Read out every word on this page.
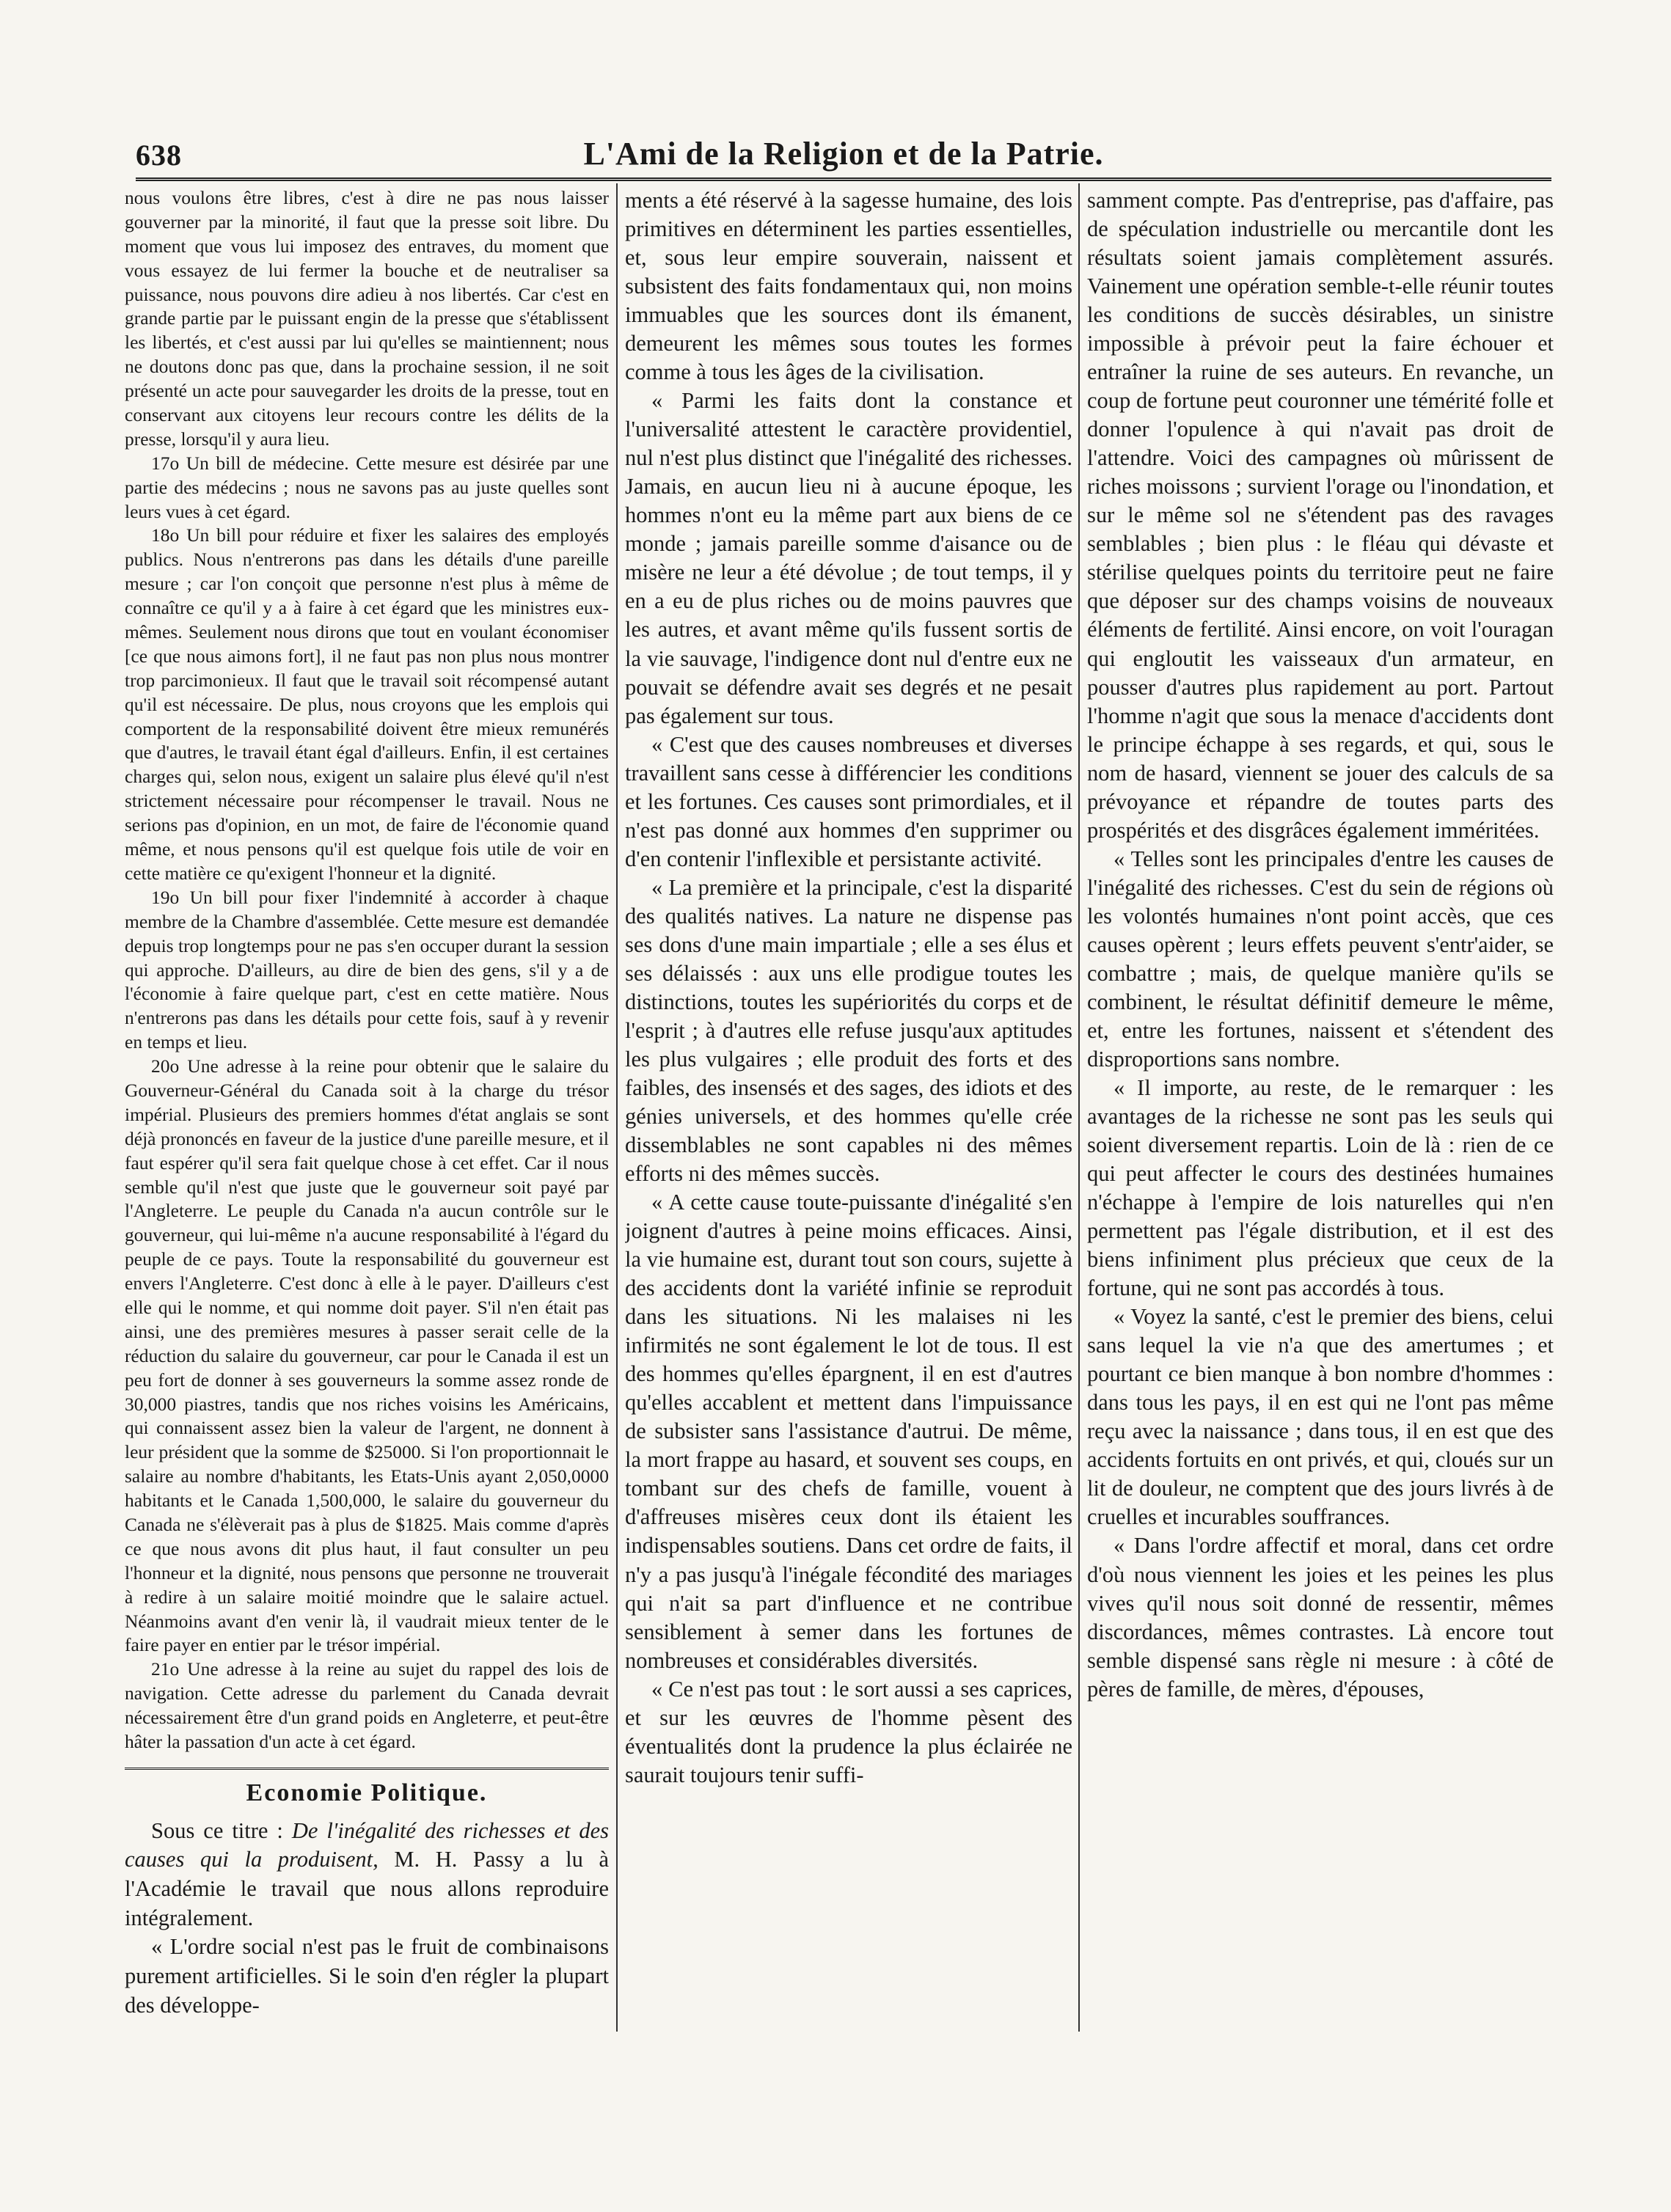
638	L'Ami de la Religion et de la Patrie.

nous voulons être libres, c'est à dire ne pas nous laisser gouverner par la minorité, il faut que la presse soit libre. Du moment que vous lui imposez des entraves, du moment que vous essayez de lui fermer la bouche et de neutraliser sa puissance, nous pouvons dire adieu à nos libertés. Car c'est en grande partie par le puissant engin de la presse que s'établissent les libertés, et c'est aussi par lui qu'elles se maintiennent; nous ne doutons donc pas que, dans la prochaine session, il ne soit présenté un acte pour sauvegarder les droits de la presse, tout en conservant aux citoyens leur recours contre les délits de la presse, lorsqu'il y aura lieu.

17o Un bill de médecine. Cette mesure est désirée par une partie des médecins ; nous ne savons pas au juste quelles sont leurs vues à cet égard.

18o Un bill pour réduire et fixer les salaires des employés publics. Nous n'entrerons pas dans les détails d'une pareille mesure ; car l'on conçoit que personne n'est plus à même de connaître ce qu'il y a à faire à cet égard que les ministres eux-mêmes. Seulement nous dirons que tout en voulant économiser [ce que nous aimons fort], il ne faut pas non plus nous montrer trop parcimonieux. Il faut que le travail soit récompensé autant qu'il est nécessaire. De plus, nous croyons que les emplois qui comportent de la responsabilité doivent être mieux remunérés que d'autres, le travail étant égal d'ailleurs. Enfin, il est certaines charges qui, selon nous, exigent un salaire plus élevé qu'il n'est strictement nécessaire pour récompenser le travail. Nous ne serions pas d'opinion, en un mot, de faire de l'économie quand même, et nous pensons qu'il est quelque fois utile de voir en cette matière ce qu'exigent l'honneur et la dignité.

19o Un bill pour fixer l'indemnité à accorder à chaque membre de la Chambre d'assemblée. Cette mesure est demandée depuis trop longtemps pour ne pas s'en occuper durant la session qui approche. D'ailleurs, au dire de bien des gens, s'il y a de l'économie à faire quelque part, c'est en cette matière. Nous n'entrerons pas dans les détails pour cette fois, sauf à y revenir en temps et lieu.

20o Une adresse à la reine pour obtenir que le salaire du Gouverneur-Général du Canada soit à la charge du trésor impérial. Plusieurs des premiers hommes d'état anglais se sont déjà prononcés en faveur de la justice d'une pareille mesure, et il faut espérer qu'il sera fait quelque chose à cet effet. Car il nous semble qu'il n'est que juste que le gouverneur soit payé par l'Angleterre. Le peuple du Canada n'a aucun contrôle sur le gouverneur, qui lui-même n'a aucune responsabilité à l'égard du peuple de ce pays. Toute la responsabilité du gouverneur est envers l'Angleterre. C'est donc à elle à le payer. D'ailleurs c'est elle qui le nomme, et qui nomme doit payer. S'il n'en était pas ainsi, une des premières mesures à passer serait celle de la réduction du salaire du gouverneur, car pour le Canada il est un peu fort de donner à ses gouverneurs la somme assez ronde de 30,000 piastres, tandis que nos riches voisins les Américains, qui connaissent assez bien la valeur de l'argent, ne donnent à leur président que la somme de $25000. Si l'on proportionnait le salaire au nombre d'habitants, les Etats-Unis ayant 2,050,0000 habitants et le Canada 1,500,000, le salaire du gouverneur du Canada ne s'élèverait pas à plus de $1825. Mais comme d'après ce que nous avons dit plus haut, il faut consulter un peu l'honneur et la dignité, nous pensons que personne ne trouverait à redire à un salaire moitié moindre que le salaire actuel. Néanmoins avant d'en venir là, il vaudrait mieux tenter de le faire payer en entier par le trésor impérial.

21o Une adresse à la reine au sujet du rappel des lois de navigation. Cette adresse du parlement du Canada devrait nécessairement être d'un grand poids en Angleterre, et peut-être hâter la passation d'un acte à cet égard.

Economie Politique.

Sous ce titre : De l'inégalité des richesses et des causes qui la produisent, M. H. Passy a lu à l'Académie le travail que nous allons reproduire intégralement.

« L'ordre social n'est pas le fruit de combinaisons purement artificielles. Si le soin d'en régler la plupart des développe-

ments a été réservé à la sagesse humaine, des lois primitives en déterminent les parties essentielles, et, sous leur empire souverain, naissent et subsistent des faits fondamentaux qui, non moins immuables que les sources dont ils émanent, demeurent les mêmes sous toutes les formes comme à tous les âges de la civilisation.

« Parmi les faits dont la constance et l'universalité attestent le caractère providentiel, nul n'est plus distinct que l'inégalité des richesses. Jamais, en aucun lieu ni à aucune époque, les hommes n'ont eu la même part aux biens de ce monde ; jamais pareille somme d'aisance ou de misère ne leur a été dévolue ; de tout temps, il y en a eu de plus riches ou de moins pauvres que les autres, et avant même qu'ils fussent sortis de la vie sauvage, l'indigence dont nul d'entre eux ne pouvait se défendre avait ses degrés et ne pesait pas également sur tous.

« C'est que des causes nombreuses et diverses travaillent sans cesse à différencier les conditions et les fortunes. Ces causes sont primordiales, et il n'est pas donné aux hommes d'en supprimer ou d'en contenir l'inflexible et persistante activité.

« La première et la principale, c'est la disparité des qualités natives. La nature ne dispense pas ses dons d'une main impartiale ; elle a ses élus et ses délaissés : aux uns elle prodigue toutes les distinctions, toutes les supériorités du corps et de l'esprit ; à d'autres elle refuse jusqu'aux aptitudes les plus vulgaires ; elle produit des forts et des faibles, des insensés et des sages, des idiots et des génies universels, et des hommes qu'elle crée dissemblables ne sont capables ni des mêmes efforts ni des mêmes succès.

« A cette cause toute-puissante d'inégalité s'en joignent d'autres à peine moins efficaces. Ainsi, la vie humaine est, durant tout son cours, sujette à des accidents dont la variété infinie se reproduit dans les situations. Ni les malaises ni les infirmités ne sont également le lot de tous. Il est des hommes qu'elles épargnent, il en est d'autres qu'elles accablent et mettent dans l'impuissance de subsister sans l'assistance d'autrui. De même, la mort frappe au hasard, et souvent ses coups, en tombant sur des chefs de famille, vouent à d'affreuses misères ceux dont ils étaient les indispensables soutiens. Dans cet ordre de faits, il n'y a pas jusqu'à l'inégale fécondité des mariages qui n'ait sa part d'influence et ne contribue sensiblement à semer dans les fortunes de nombreuses et considérables diversités.

« Ce n'est pas tout : le sort aussi a ses caprices, et sur les œuvres de l'homme pèsent des éventualités dont la prudence la plus éclairée ne saurait toujours tenir suffi-

samment compte. Pas d'entreprise, pas d'affaire, pas de spéculation industrielle ou mercantile dont les résultats soient jamais complètement assurés. Vainement une opération semble-t-elle réunir toutes les conditions de succès désirables, un sinistre impossible à prévoir peut la faire échouer et entraîner la ruine de ses auteurs. En revanche, un coup de fortune peut couronner une témérité folle et donner l'opulence à qui n'avait pas droit de l'attendre. Voici des campagnes où mûrissent de riches moissons ; survient l'orage ou l'inondation, et sur le même sol ne s'étendent pas des ravages semblables ; bien plus : le fléau qui dévaste et stérilise quelques points du territoire peut ne faire que déposer sur des champs voisins de nouveaux éléments de fertilité. Ainsi encore, on voit l'ouragan qui engloutit les vaisseaux d'un armateur, en pousser d'autres plus rapidement au port. Partout l'homme n'agit que sous la menace d'accidents dont le principe échappe à ses regards, et qui, sous le nom de hasard, viennent se jouer des calculs de sa prévoyance et répandre de toutes parts des prospérités et des disgrâces également imméritées.

« Telles sont les principales d'entre les causes de l'inégalité des richesses. C'est du sein de régions où les volontés humaines n'ont point accès, que ces causes opèrent ; leurs effets peuvent s'entr'aider, se combattre ; mais, de quelque manière qu'ils se combinent, le résultat définitif demeure le même, et, entre les fortunes, naissent et s'étendent des disproportions sans nombre.

« Il importe, au reste, de le remarquer : les avantages de la richesse ne sont pas les seuls qui soient diversement repartis. Loin de là : rien de ce qui peut affecter le cours des destinées humaines n'échappe à l'empire de lois naturelles qui n'en permettent pas l'égale distribution, et il est des biens infiniment plus précieux que ceux de la fortune, qui ne sont pas accordés à tous.

« Voyez la santé, c'est le premier des biens, celui sans lequel la vie n'a que des amertumes ; et pourtant ce bien manque à bon nombre d'hommes : dans tous les pays, il en est qui ne l'ont pas même reçu avec la naissance ; dans tous, il en est que des accidents fortuits en ont privés, et qui, cloués sur un lit de douleur, ne comptent que des jours livrés à de cruelles et incurables souffrances.

« Dans l'ordre affectif et moral, dans cet ordre d'où nous viennent les joies et les peines les plus vives qu'il nous soit donné de ressentir, mêmes discordances, mêmes contrastes. Là encore tout semble dispensé sans règle ni mesure : à côté de pères de famille, de mères, d'épouses,
